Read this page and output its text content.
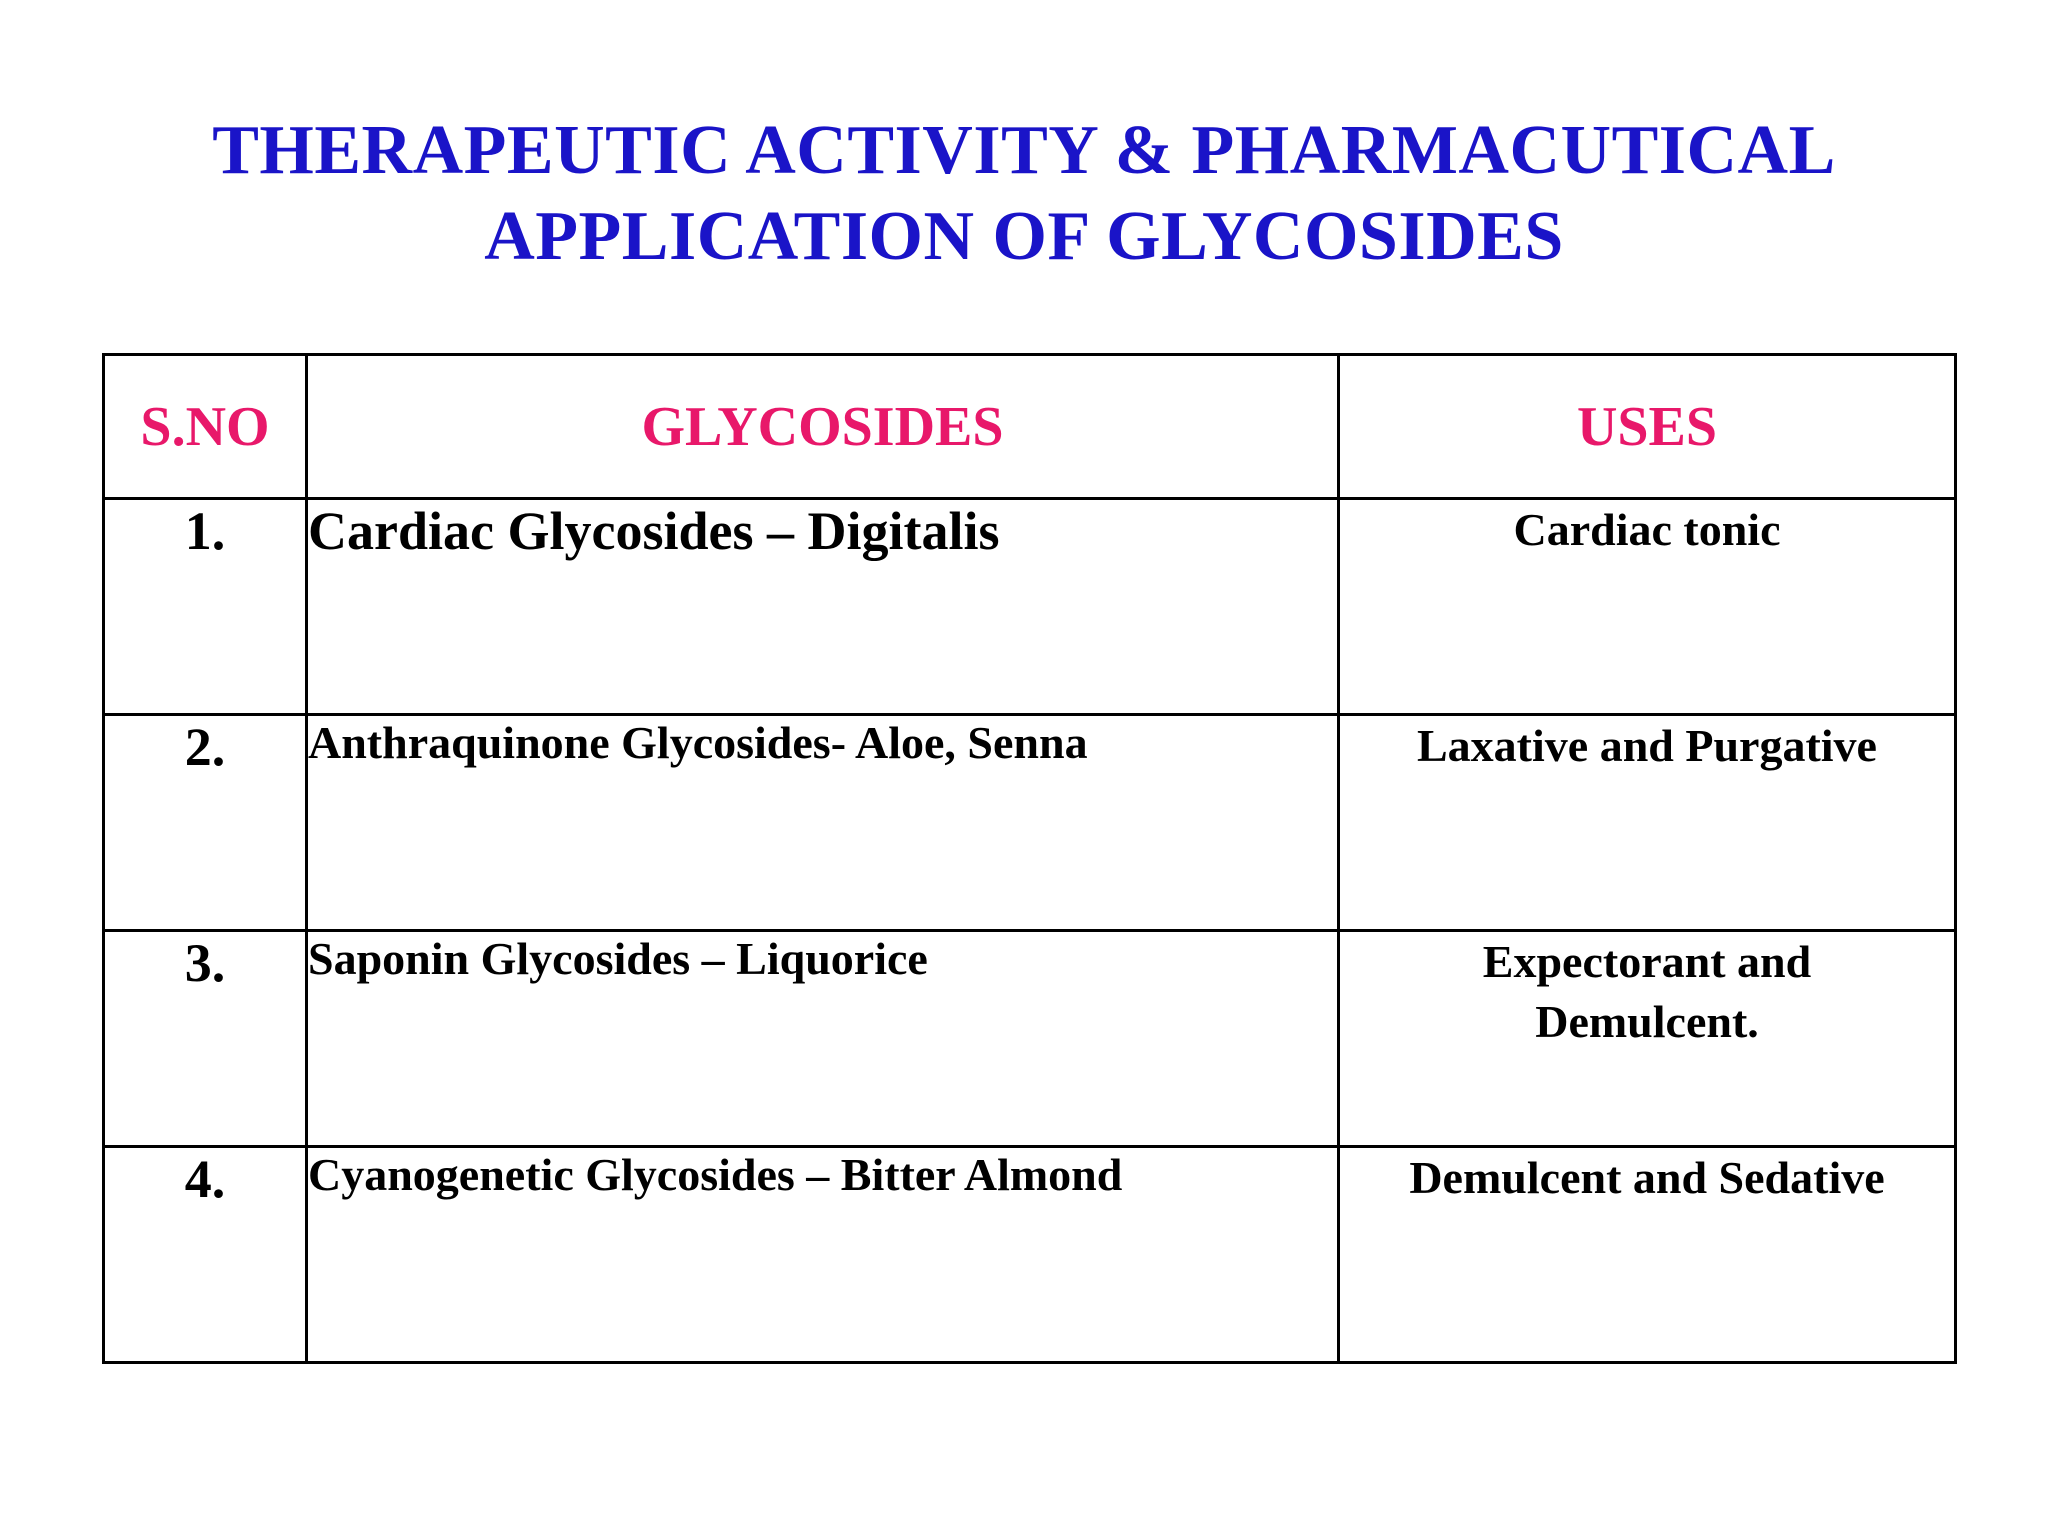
THERAPEUTIC ACTIVITY & PHARMACUTICAL
APPLICATION OF GLYCOSIDES
S.NO	GLYCOSIDES	USES
1.	Cardiac Glycosides – Digitalis	Cardiac tonic
2.	Anthraquinone Glycosides- Aloe, Senna	Laxative and Purgative
3.	Saponin Glycosides – Liquorice	Expectorant and Demulcent.
4.	Cyanogenetic Glycosides – Bitter Almond	Demulcent and Sedative
